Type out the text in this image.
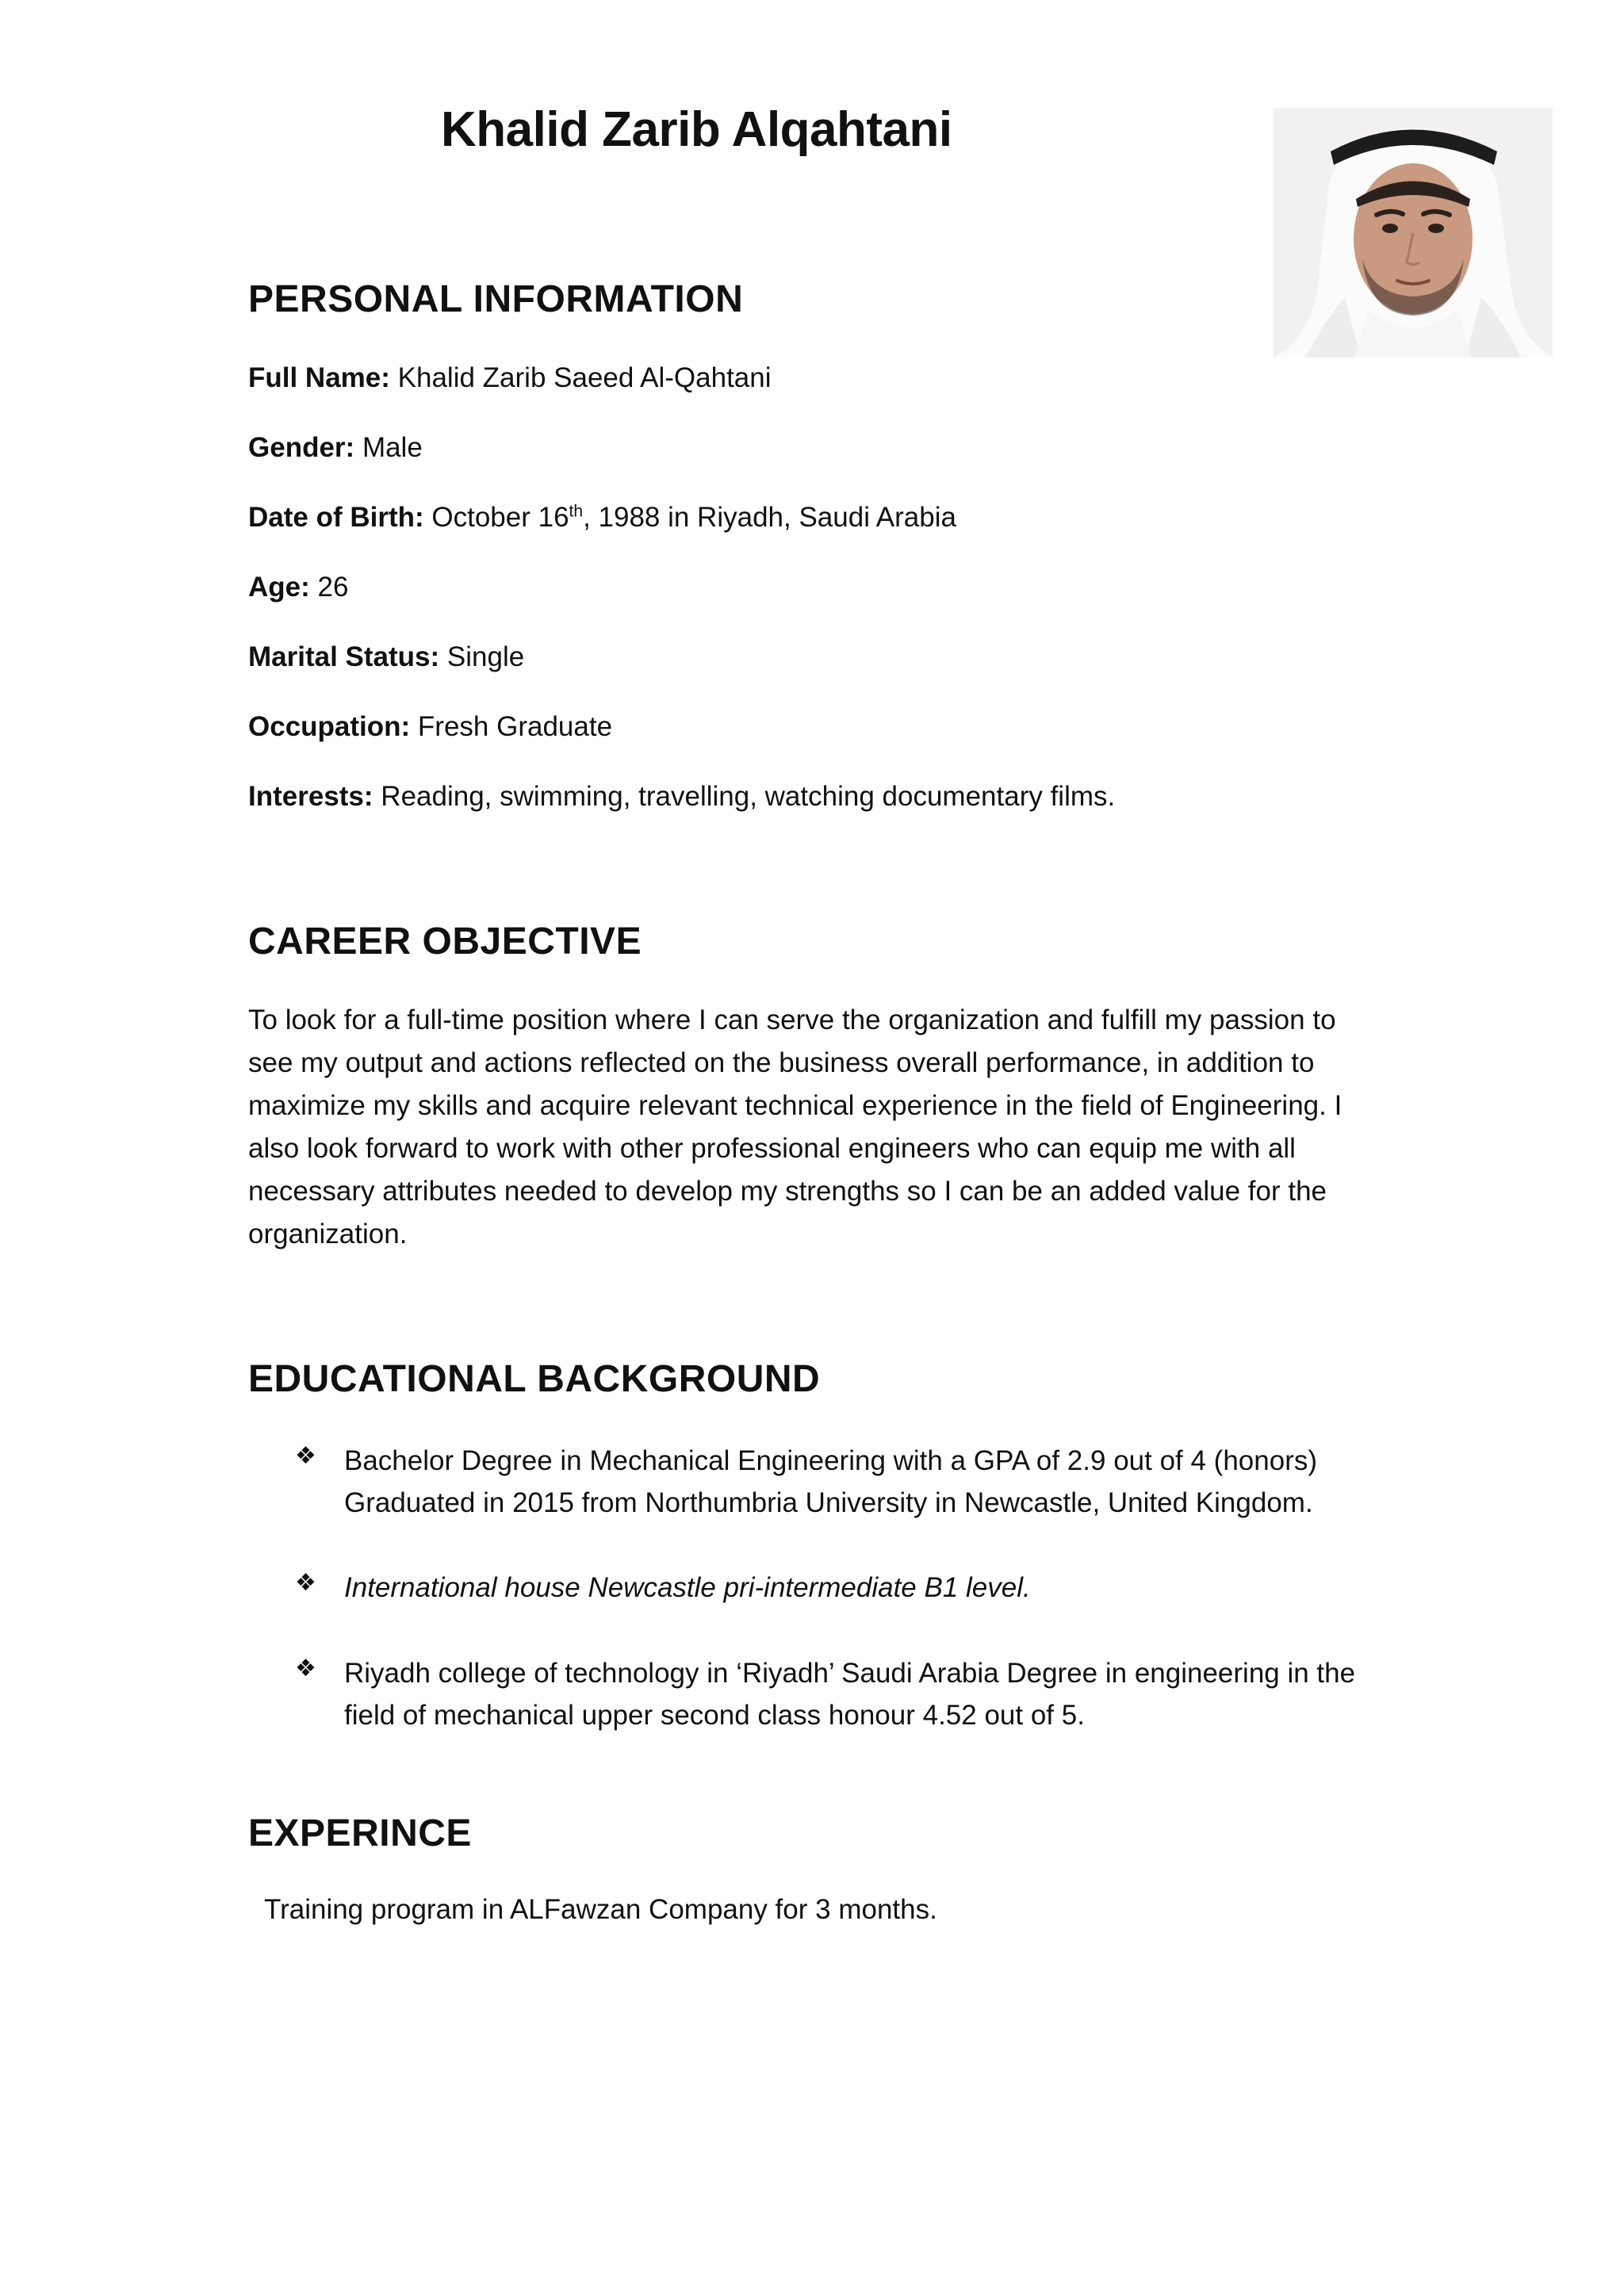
Khalid Zarib Alqahtani
PERSONAL INFORMATION
Full Name: Khalid Zarib Saeed Al-Qahtani
Gender: Male
Date of Birth: October 16th, 1988 in Riyadh, Saudi Arabia
Age: 26
Marital Status: Single
Occupation: Fresh Graduate
Interests: Reading, swimming, travelling, watching documentary films.
CAREER OBJECTIVE
To look for a full-time position where I can serve the organization and fulfill my passion to
see my output and actions reflected on the business overall performance, in addition to
maximize my skills and acquire relevant technical experience in the field of Engineering. I
also look forward to work with other professional engineers who can equip me with all
necessary attributes needed to develop my strengths so I can be an added value for the
organization.
EDUCATIONAL BACKGROUND
❖ Bachelor Degree in Mechanical Engineering with a GPA of 2.9 out of 4 (honors)
Graduated in 2015 from Northumbria University in Newcastle, United Kingdom.
❖ International house Newcastle pri-intermediate B1 level.
❖ Riyadh college of technology in ‘Riyadh’ Saudi Arabia Degree in engineering in the
field of mechanical upper second class honour 4.52 out of 5.
EXPERINCE
Training program in ALFawzan Company for 3 months.
